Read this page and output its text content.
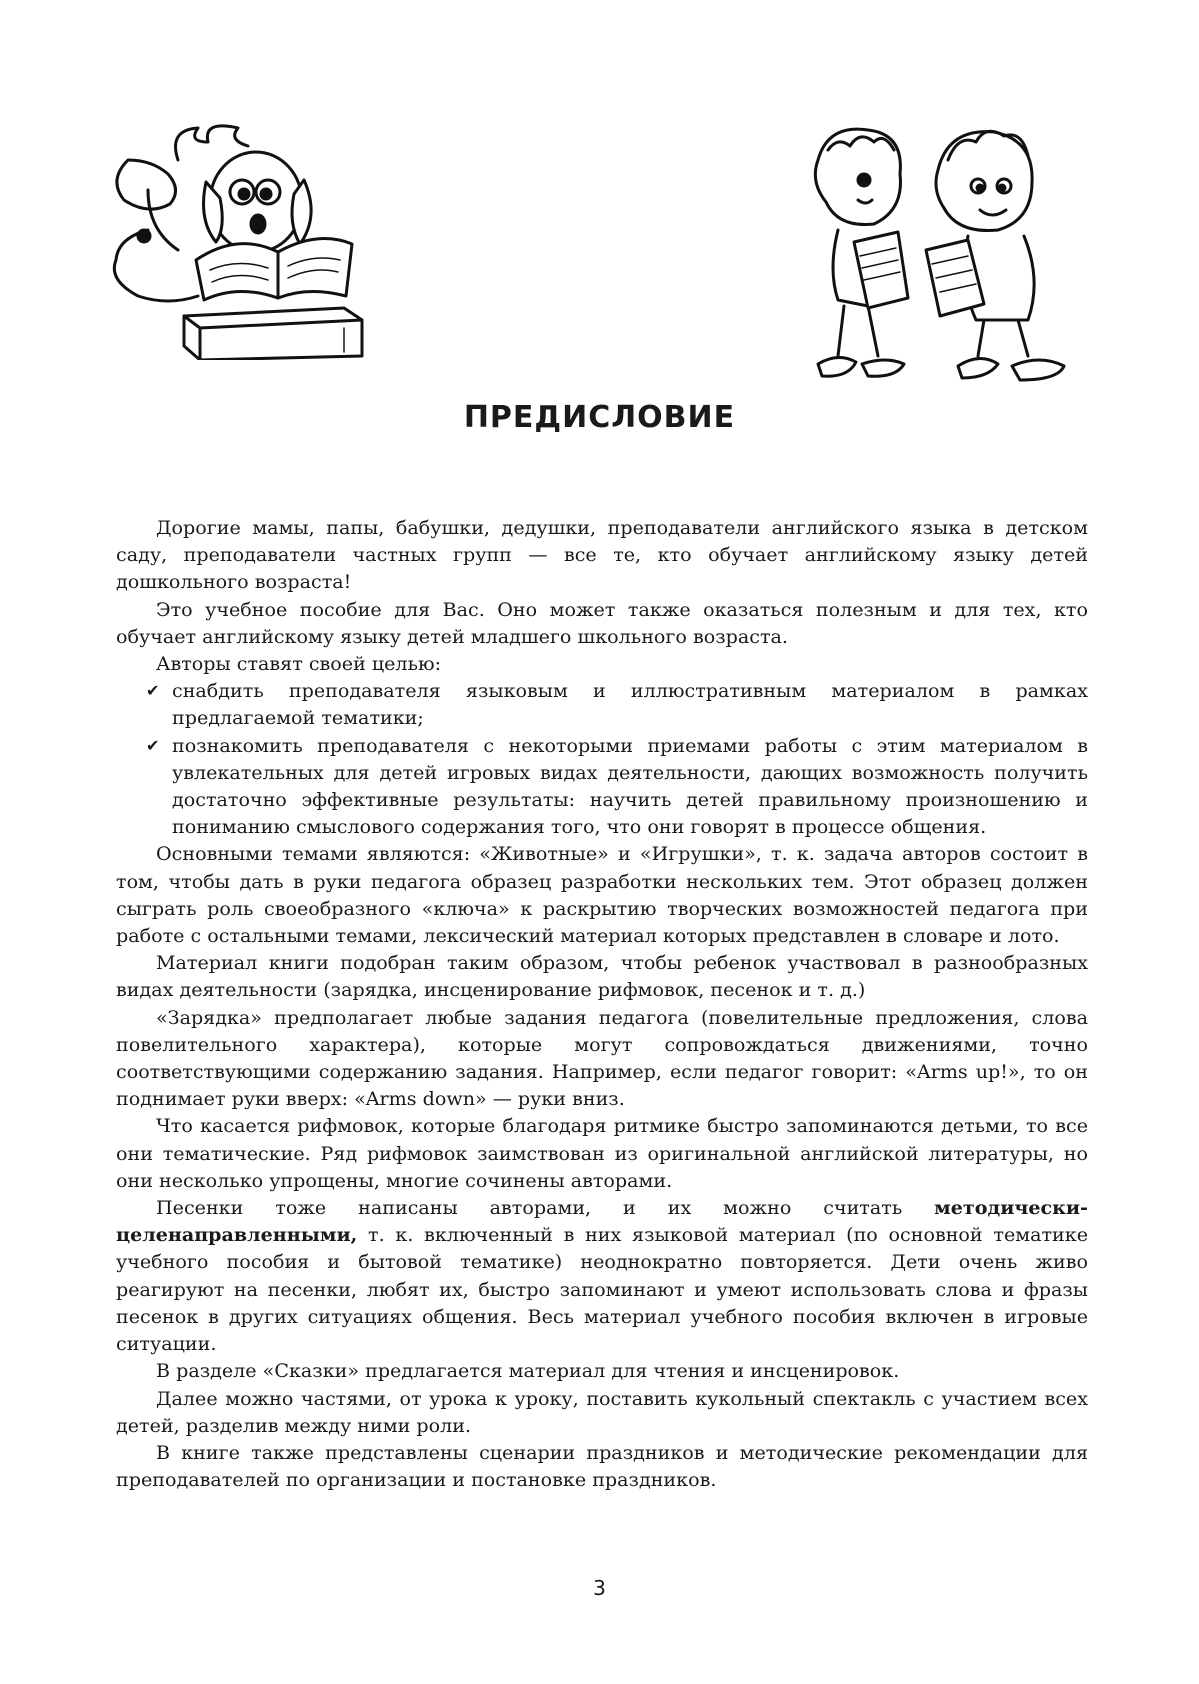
ПРЕДИСЛОВИЕ

Дорогие мамы, папы, бабушки, дедушки, преподаватели английского языка в детском саду, преподаватели частных групп — все те, кто обучает английскому языку детей дошкольного возраста!

Это учебное пособие для Вас. Оно может также оказаться полезным и для тех, кто обучает английскому языку детей младшего школьного возраста.

Авторы ставят своей целью:

✔ снабдить преподавателя языковым и иллюстративным материалом в рамках предлагаемой тематики;
✔ познакомить преподавателя с некоторыми приемами работы с этим материалом в увлекательных для детей игровых видах деятельности, дающих возможность получить достаточно эффективные результаты: научить детей правильному произношению и пониманию смыслового содержания того, что они говорят в процессе общения.

Основными темами являются: «Животные» и «Игрушки», т. к. задача авторов состоит в том, чтобы дать в руки педагога образец разработки нескольких тем. Этот образец должен сыграть роль своеобразного «ключа» к раскрытию творческих возможностей педагога при работе с остальными темами, лексический материал которых представлен в словаре и лото.

Материал книги подобран таким образом, чтобы ребенок участвовал в разнообразных видах деятельности (зарядка, инсценирование рифмовок, песенок и т. д.)

«Зарядка» предполагает любые задания педагога (повелительные предложения, слова повелительного характера), которые могут сопровождаться движениями, точно соответствующими содержанию задания. Например, если педагог говорит: «Arms up!», то он поднимает руки вверх: «Arms down» — руки вниз.

Что касается рифмовок, которые благодаря ритмике быстро запоминаются детьми, то все они тематические. Ряд рифмовок заимствован из оригинальной английской литературы, но они несколько упрощены, многие сочинены авторами.

Песенки тоже написаны авторами, и их можно считать методически-целенаправленными, т. к. включенный в них языковой материал (по основной тематике учебного пособия и бытовой тематике) неоднократно повторяется. Дети очень живо реагируют на песенки, любят их, быстро запоминают и умеют использовать слова и фразы песенок в других ситуациях общения. Весь материал учебного пособия включен в игровые ситуации.

В разделе «Сказки» предлагается материал для чтения и инсценировок.

Далее можно частями, от урока к уроку, поставить кукольный спектакль с участием всех детей, разделив между ними роли.

В книге также представлены сценарии праздников и методические рекомендации для преподавателей по организации и постановке праздников.

3
